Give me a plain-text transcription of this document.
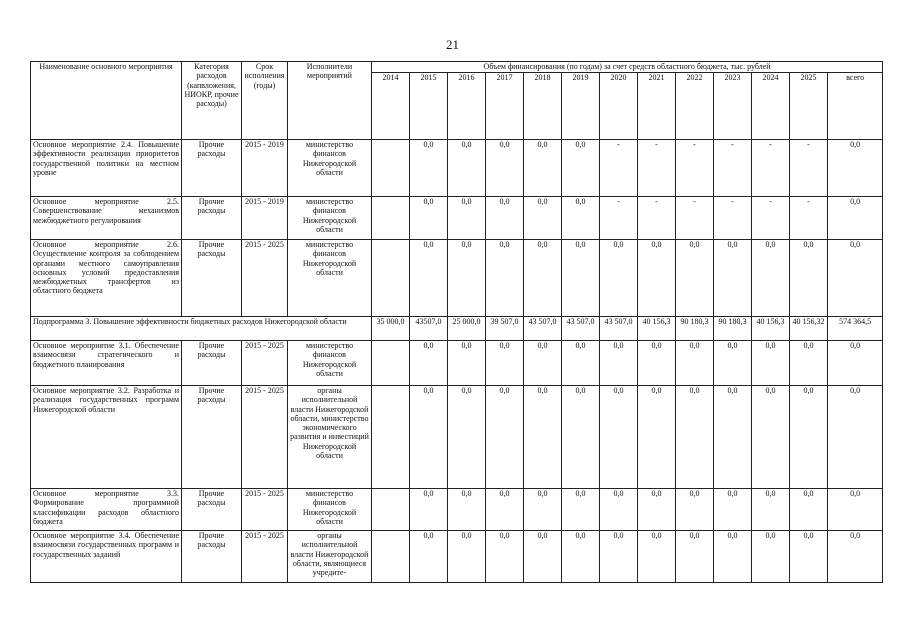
21
Наименование основного мероприятия	Категория расходов (капвложения, НИОКР, прочие расходы)	Срок исполнения (годы)	Исполнители мероприятий	Объем финансирования (по годам) за счет средств областного бюджета, тыс. рублей												
				2014	2015	2016	2017	2018	2019	2020	2021	2022	2023	2024	2025	всего
Основное мероприятие 2.4. Повышение эффективности реализации приоритетов государственной политики на местном уровне	Прочие расходы	2015 - 2019	министерство финансов Нижегородской области		0,0	0,0	0,0	0,0	0,0	-	-	-	-	-	-	0,0
Основное мероприятие 2.5. Совершенствование механизмов межбюджетного регулирования	Прочие расходы	2015 - 2019	министерство финансов Нижегородской области		0,0	0,0	0,0	0,0	0,0	-	-	-	-	-	-	0,0
Основное мероприятие 2.6. Осуществление контроля за соблюдением органами местного самоуправления основных условий предоставления межбюджетных трансфертов из областного бюджета	Прочие расходы	2015 - 2025	министерство финансов Нижегородской области		0,0	0,0	0,0	0,0	0,0	0,0	0,0	0,0	0,0	0,0	0,0	0,0
Подпрограмма 3. Повышение эффективности бюджетных расходов Нижегородской области				35 000,0	43507,0	25 000,0	39 507,0	43 507,0	43 507,0	43 507,0	40 156,3	90 180,3	90 180,3	40 156,3	40 156,32	574 364,5
Основное мероприятие 3.1. Обеспечение взаимосвязи стратегического и бюджетного планирования	Прочие расходы	2015 - 2025	министерство финансов Нижегородской области		0,0	0,0	0,0	0,0	0,0	0,0	0,0	0,0	0,0	0,0	0,0	0,0
Основное мероприятие 3.2. Разработка и реализация государственных программ Нижегородской области	Прочие расходы	2015 - 2025	органы исполнительной власти Нижегородской области, министерство экономического развития и инвестиций Нижегородской области		0,0	0,0	0,0	0,0	0,0	0,0	0,0	0,0	0,0	0,0	0,0	0,0
Основное мероприятие 3.3. Формирование программной классификации расходов областного бюджета	Прочие расходы	2015 - 2025	министерство финансов Нижегородской области		0,0	0,0	0,0	0,0	0,0	0,0	0,0	0,0	0,0	0,0	0,0	0,0
Основное мероприятие 3.4. Обеспечение взаимосвязи государственных программ и государственных заданий	Прочие расходы	2015 - 2025	органы исполнительной власти Нижегородской области, являющиеся учредите-		0,0	0,0	0,0	0,0	0,0	0,0	0,0	0,0	0,0	0,0	0,0	0,0
